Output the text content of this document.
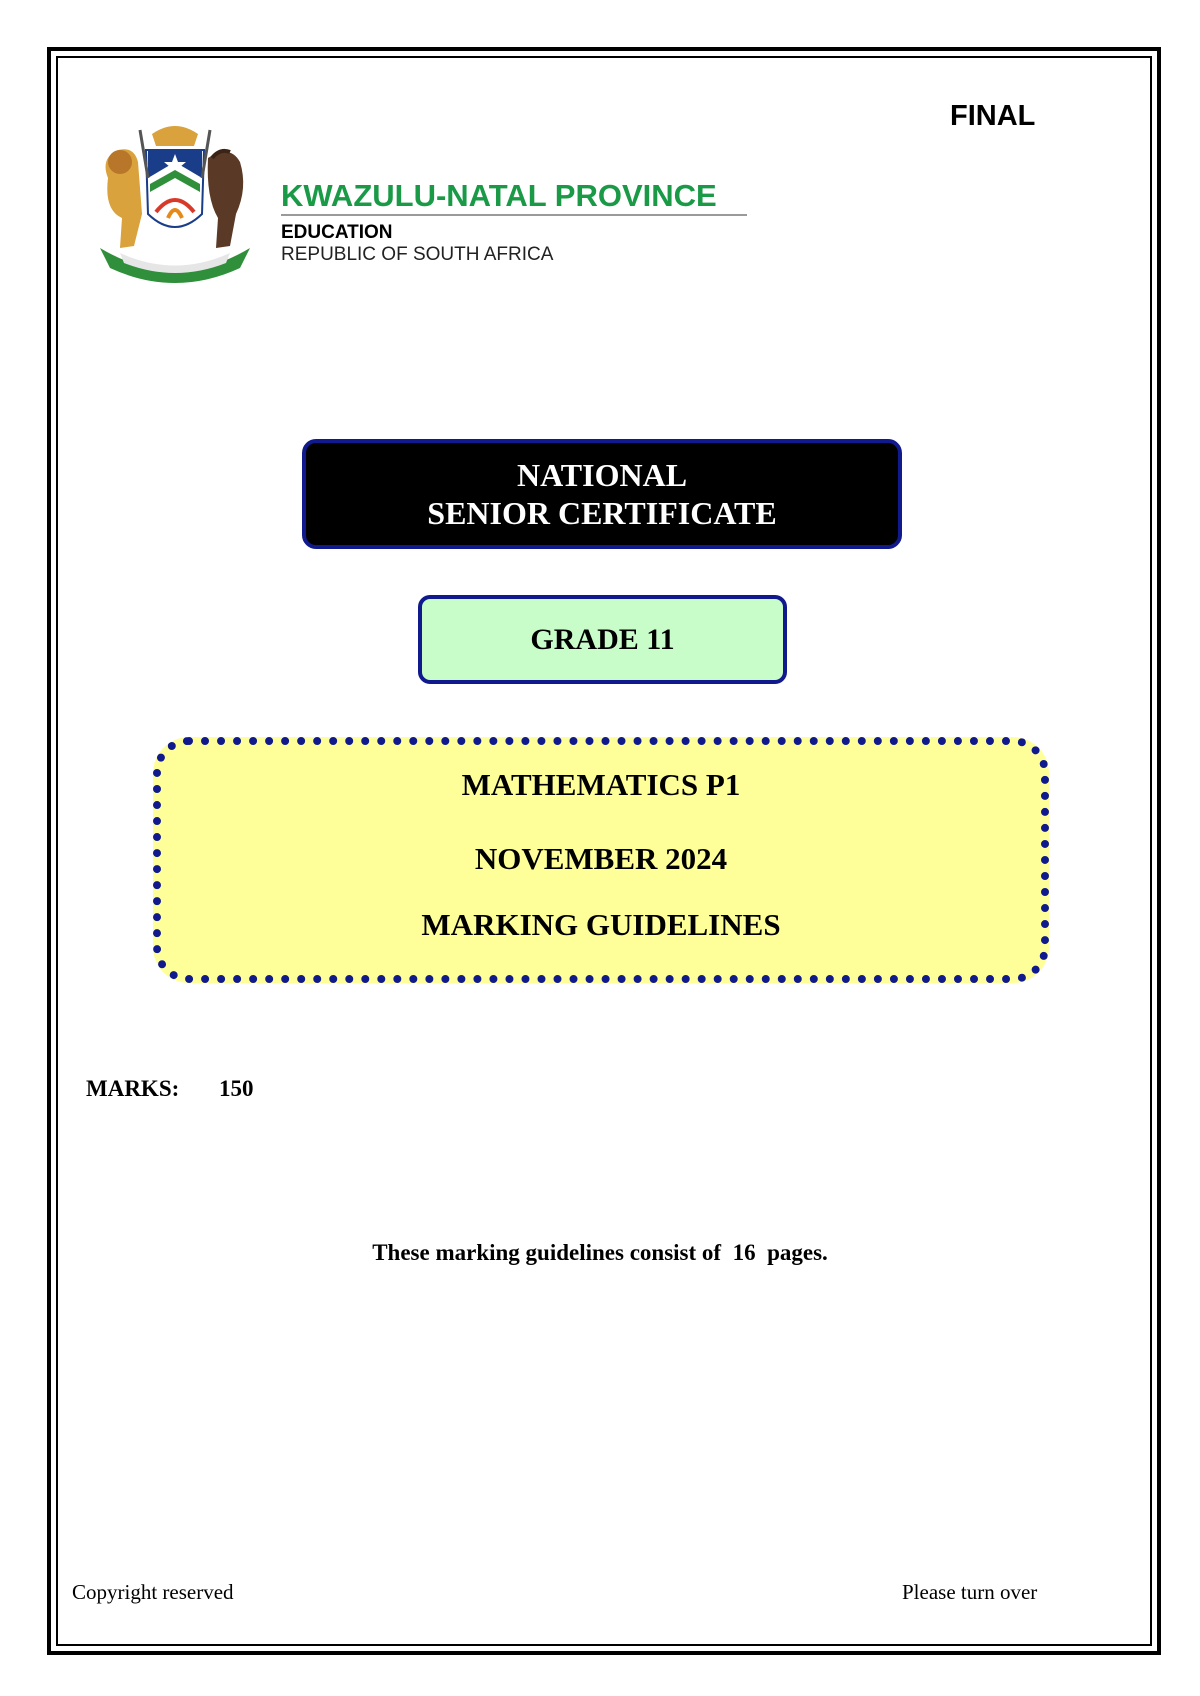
FINAL
KWAZULU-NATAL PROVINCE
EDUCATION
REPUBLIC OF SOUTH AFRICA
NATIONAL
SENIOR CERTIFICATE
GRADE 11
MATHEMATICS P1
NOVEMBER 2024
MARKING GUIDELINES
MARKS: 150
These marking guidelines consist of  16  pages.
Copyright reserved	Please turn over
